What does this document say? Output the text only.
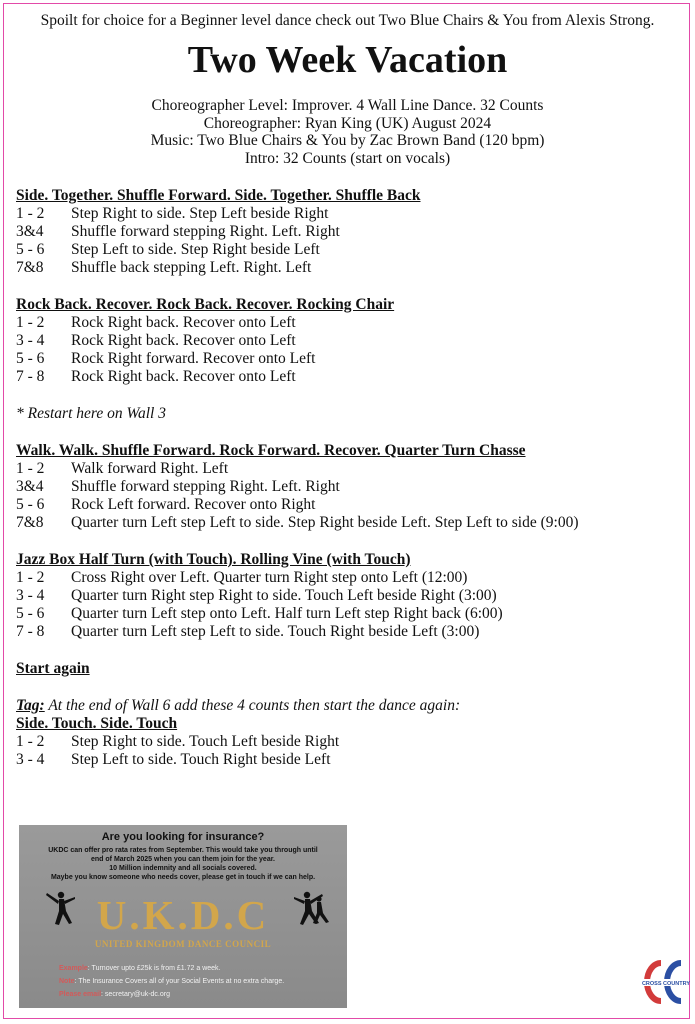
Spoilt for choice for a Beginner level dance check out Two Blue Chairs & You from Alexis Strong.
Two Week Vacation
Choreographer Level: Improver. 4 Wall Line Dance. 32 Counts
Choreographer: Ryan King (UK) August 2024
Music: Two Blue Chairs & You by Zac Brown Band (120 bpm)
Intro: 32 Counts (start on vocals)
Side. Together. Shuffle Forward. Side. Together. Shuffle Back
1 - 2	Step Right to side. Step Left beside Right
3&4	Shuffle forward stepping Right. Left. Right
5 - 6	Step Left to side. Step Right beside Left
7&8	Shuffle back stepping Left. Right. Left
Rock Back. Recover. Rock Back. Recover. Rocking Chair
1 - 2	Rock Right back. Recover onto Left
3 - 4	Rock Right back. Recover onto Left
5 - 6	Rock Right forward. Recover onto Left
7 - 8	Rock Right back. Recover onto Left
* Restart here on Wall 3
Walk. Walk. Shuffle Forward. Rock Forward. Recover. Quarter Turn Chasse
1 - 2	Walk forward Right. Left
3&4	Shuffle forward stepping Right. Left. Right
5 - 6	Rock Left forward. Recover onto Right
7&8	Quarter turn Left step Left to side. Step Right beside Left. Step Left to side (9:00)
Jazz Box Half Turn (with Touch). Rolling Vine (with Touch)
1 - 2	Cross Right over Left. Quarter turn Right step onto Left (12:00)
3 - 4	Quarter turn Right step Right to side. Touch Left beside Right (3:00)
5 - 6	Quarter turn Left step onto Left. Half turn Left step Right back (6:00)
7 - 8	Quarter turn Left step Left to side. Touch Right beside Left (3:00)
Start again
Tag: At the end of Wall 6 add these 4 counts then start the dance again:
Side. Touch. Side. Touch
1 - 2	Step Right to side. Touch Left beside Right
3 - 4	Step Left to side. Touch Right beside Left
Are you looking for insurance?
UKDC can offer pro rata rates from September. This would take you through until
end of March 2025 when you can them join for the year.
10 Million indemnity and all socials covered.
Maybe you know someone who needs cover, please get in touch if we can help.
U.K.D.C
UNITED KINGDOM DANCE COUNCIL
Example: Turnover upto £25k is from £1.72 a week.
Note: The Insurance Covers all of your Social Events at no extra charge.
Please email: secretary@uk-dc.org
CROSS COUNTRY
